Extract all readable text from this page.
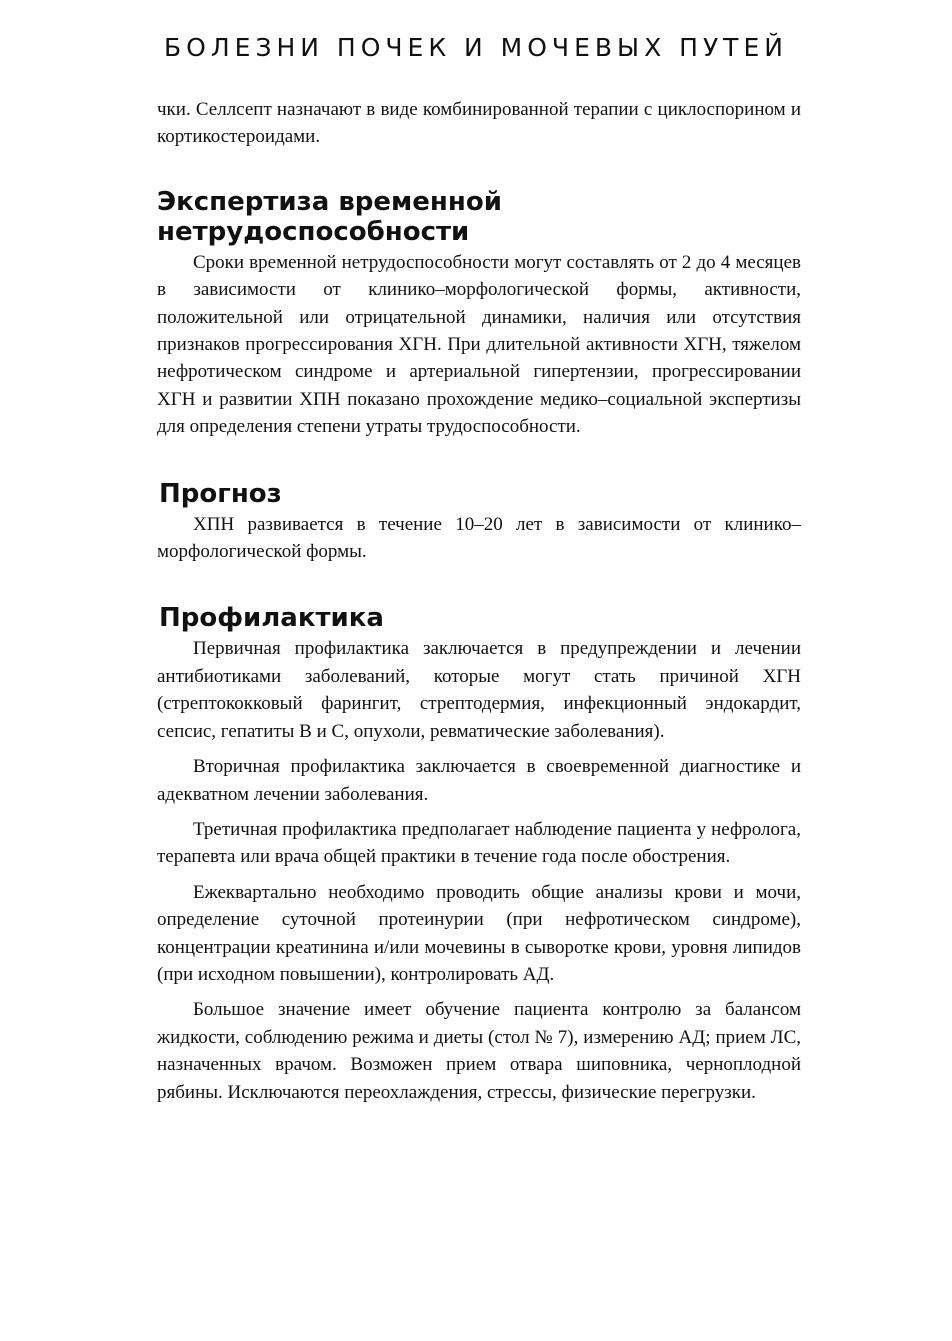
БОЛЕЗНИ ПОЧЕК И МОЧЕВЫХ ПУТЕЙ

чки. Селлсепт назначают в виде комбинированной терапии с циклоспорином и кортикостероидами.

Экспертиза временной нетрудоспособности

Сроки временной нетрудоспособности могут составлять от 2 до 4 месяцев в зависимости от клинико–морфологической формы, активности, положительной или отрицательной динамики, наличия или отсутствия признаков прогрессирования ХГН. При длительной активности ХГН, тяжелом нефротическом синдроме и артериальной гипертензии, прогрессировании ХГН и развитии ХПН показано прохождение медико–социальной экспертизы для определения степени утраты трудоспособности.

Прогноз

ХПН развивается в течение 10–20 лет в зависимости от клинико–морфологической формы.

Профилактика

Первичная профилактика заключается в предупреждении и лечении антибиотиками заболеваний, которые могут стать причиной ХГН (стрептококковый фарингит, стрептодермия, инфекционный эндокардит, сепсис, гепатиты В и С, опухоли, ревматические заболевания).

Вторичная профилактика заключается в своевременной диагностике и адекватном лечении заболевания.

Третичная профилактика предполагает наблюдение пациента у нефролога, терапевта или врача общей практики в течение года после обострения.

Ежеквартально необходимо проводить общие анализы крови и мочи, определение суточной протеинурии (при нефротическом синдроме), концентрации креатинина и/или мочевины в сыворотке крови, уровня липидов (при исходном повышении), контролировать АД.

Большое значение имеет обучение пациента контролю за балансом жидкости, соблюдению режима и диеты (стол № 7), измерению АД; прием ЛС, назначенных врачом. Возможен прием отвара шиповника, черноплодной рябины. Исключаются переохлаждения, стрессы, физические перегрузки.
